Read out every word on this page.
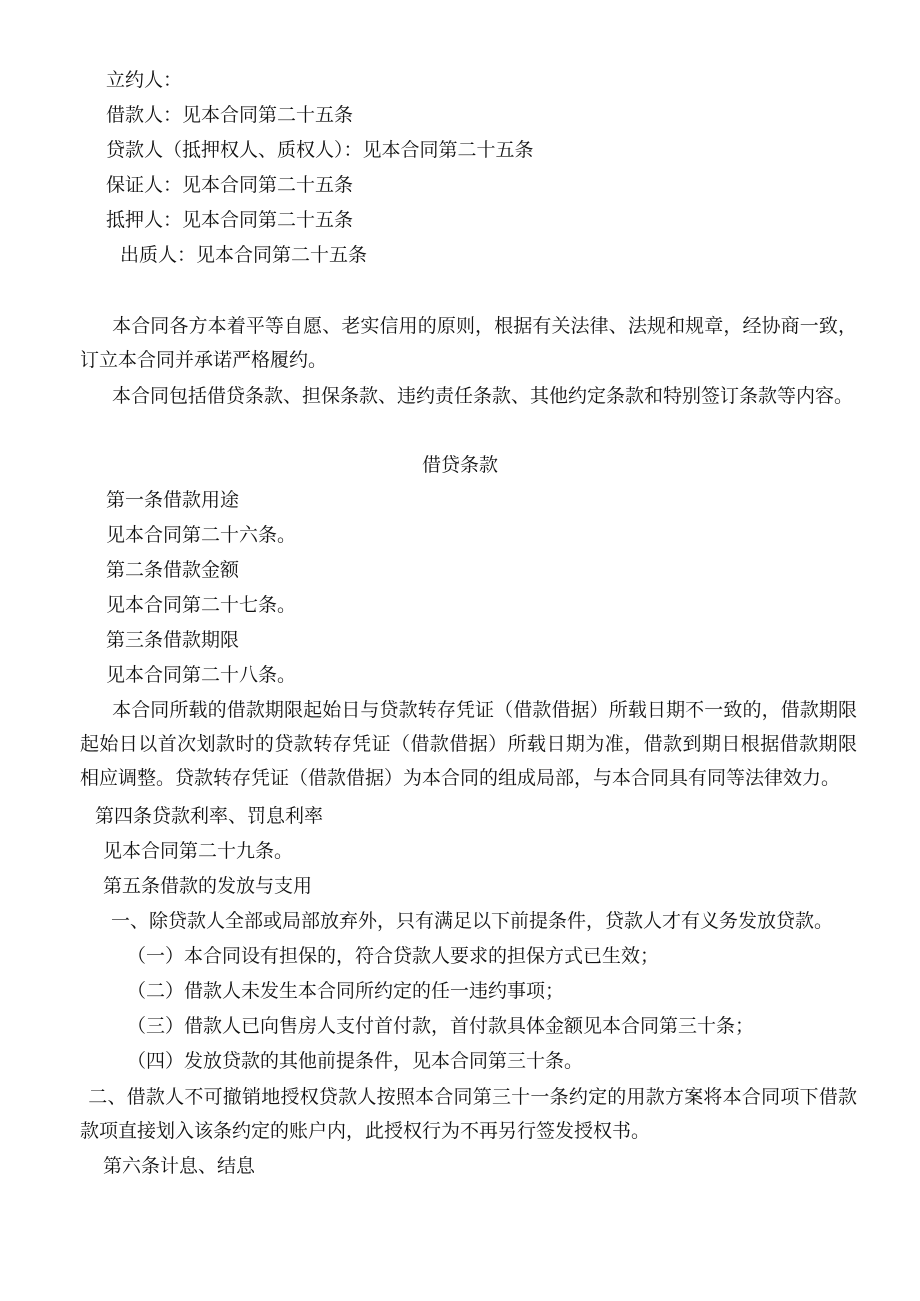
立约人：

借款人：见本合同第二十五条

贷款人（抵押权人、质权人）：见本合同第二十五条

保证人：见本合同第二十五条

抵押人：见本合同第二十五条

出质人：见本合同第二十五条

本合同各方本着平等自愿、老实信用的原则，根据有关法律、法规和规章，经协商一致，订立本合同并承诺严格履约。

本合同包括借贷条款、担保条款、违约责任条款、其他约定条款和特别签订条款等内容。

借贷条款

第一条借款用途

见本合同第二十六条。

第二条借款金额

见本合同第二十七条。

第三条借款期限

见本合同第二十八条。

本合同所载的借款期限起始日与贷款转存凭证（借款借据）所载日期不一致的，借款期限起始日以首次划款时的贷款转存凭证（借款借据）所载日期为准，借款到期日根据借款期限相应调整。贷款转存凭证（借款借据）为本合同的组成局部，与本合同具有同等法律效力。

第四条贷款利率、罚息利率

见本合同第二十九条。

第五条借款的发放与支用

一、除贷款人全部或局部放弃外，只有满足以下前提条件，贷款人才有义务发放贷款。

（一）本合同设有担保的，符合贷款人要求的担保方式已生效；

（二）借款人未发生本合同所约定的任一违约事项；

（三）借款人已向售房人支付首付款，首付款具体金额见本合同第三十条；

（四）发放贷款的其他前提条件，见本合同第三十条。

二、借款人不可撤销地授权贷款人按照本合同第三十一条约定的用款方案将本合同项下借款款项直接划入该条约定的账户内，此授权行为不再另行签发授权书。

第六条计息、结息
